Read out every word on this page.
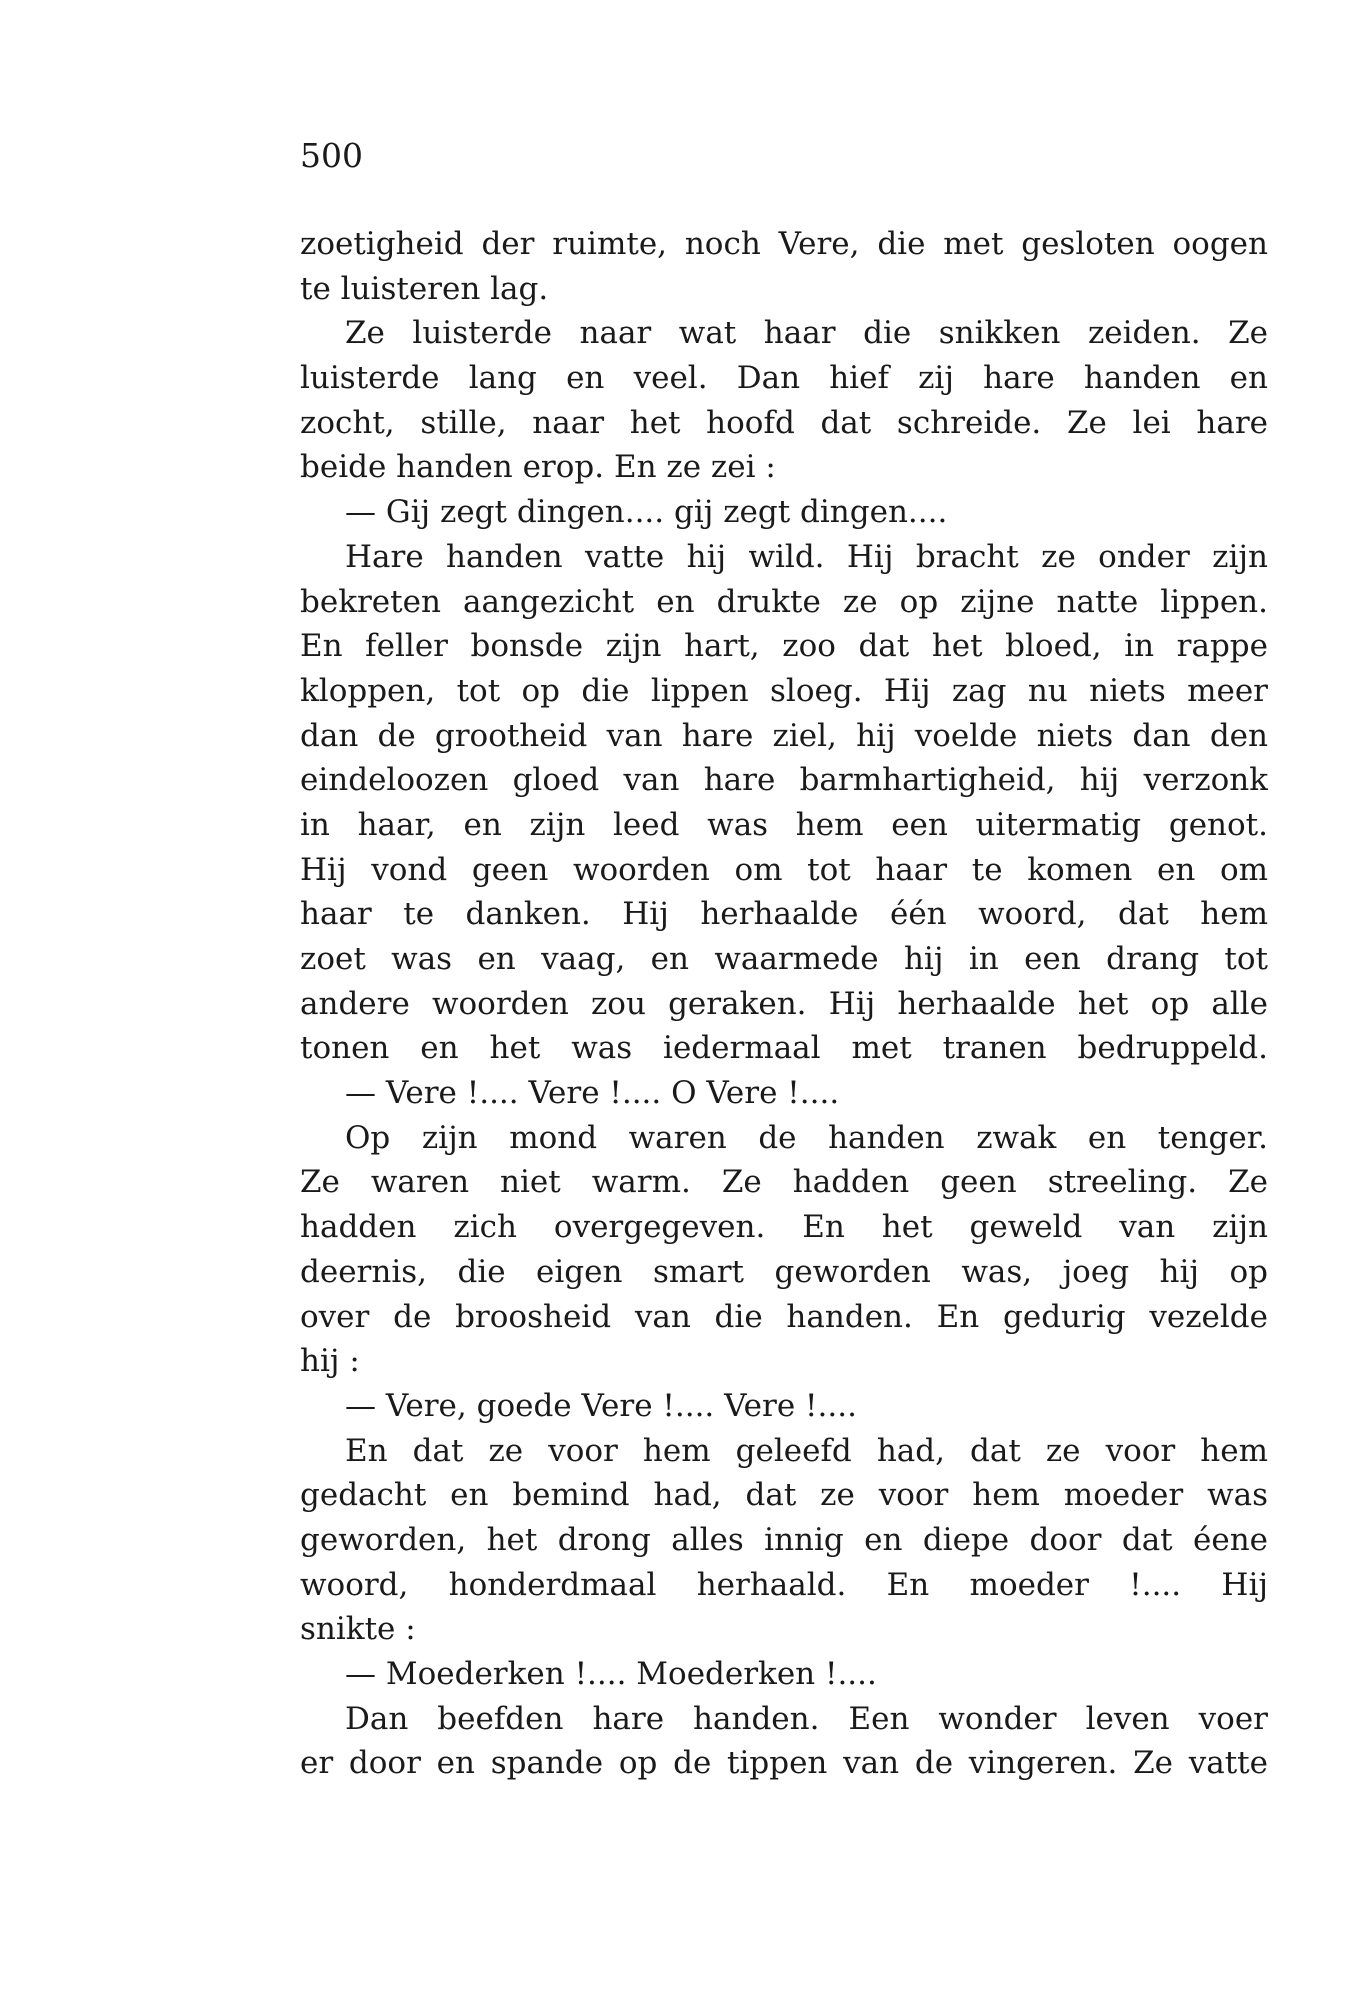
500
zoetigheid der ruimte, noch Vere, die met gesloten oogen
te luisteren lag.
Ze luisterde naar wat haar die snikken zeiden. Ze
luisterde lang en veel. Dan hief zij hare handen en
zocht, stille, naar het hoofd dat schreide. Ze lei hare
beide handen erop. En ze zei :
— Gij zegt dingen.... gij zegt dingen....
Hare handen vatte hij wild. Hij bracht ze onder zijn
bekreten aangezicht en drukte ze op zijne natte lippen.
En feller bonsde zijn hart, zoo dat het bloed, in rappe
kloppen, tot op die lippen sloeg. Hij zag nu niets meer
dan de grootheid van hare ziel, hij voelde niets dan den
eindeloozen gloed van hare barmhartigheid, hij verzonk
in haar, en zijn leed was hem een uitermatig genot.
Hij vond geen woorden om tot haar te komen en om
haar te danken. Hij herhaalde één woord, dat hem
zoet was en vaag, en waarmede hij in een drang tot
andere woorden zou geraken. Hij herhaalde het op alle
tonen en het was iedermaal met tranen bedruppeld.
— Vere !.... Vere !.... O Vere !....
Op zijn mond waren de handen zwak en tenger.
Ze waren niet warm. Ze hadden geen streeling. Ze
hadden zich overgegeven. En het geweld van zijn
deernis, die eigen smart geworden was, joeg hij op
over de broosheid van die handen. En gedurig vezelde
hij :
— Vere, goede Vere !.... Vere !....
En dat ze voor hem geleefd had, dat ze voor hem
gedacht en bemind had, dat ze voor hem moeder was
geworden, het drong alles innig en diepe door dat éene
woord, honderdmaal herhaald. En moeder !.... Hij
snikte :
— Moederken !.... Moederken !....
Dan beefden hare handen. Een wonder leven voer
er door en spande op de tippen van de vingeren. Ze vatte
